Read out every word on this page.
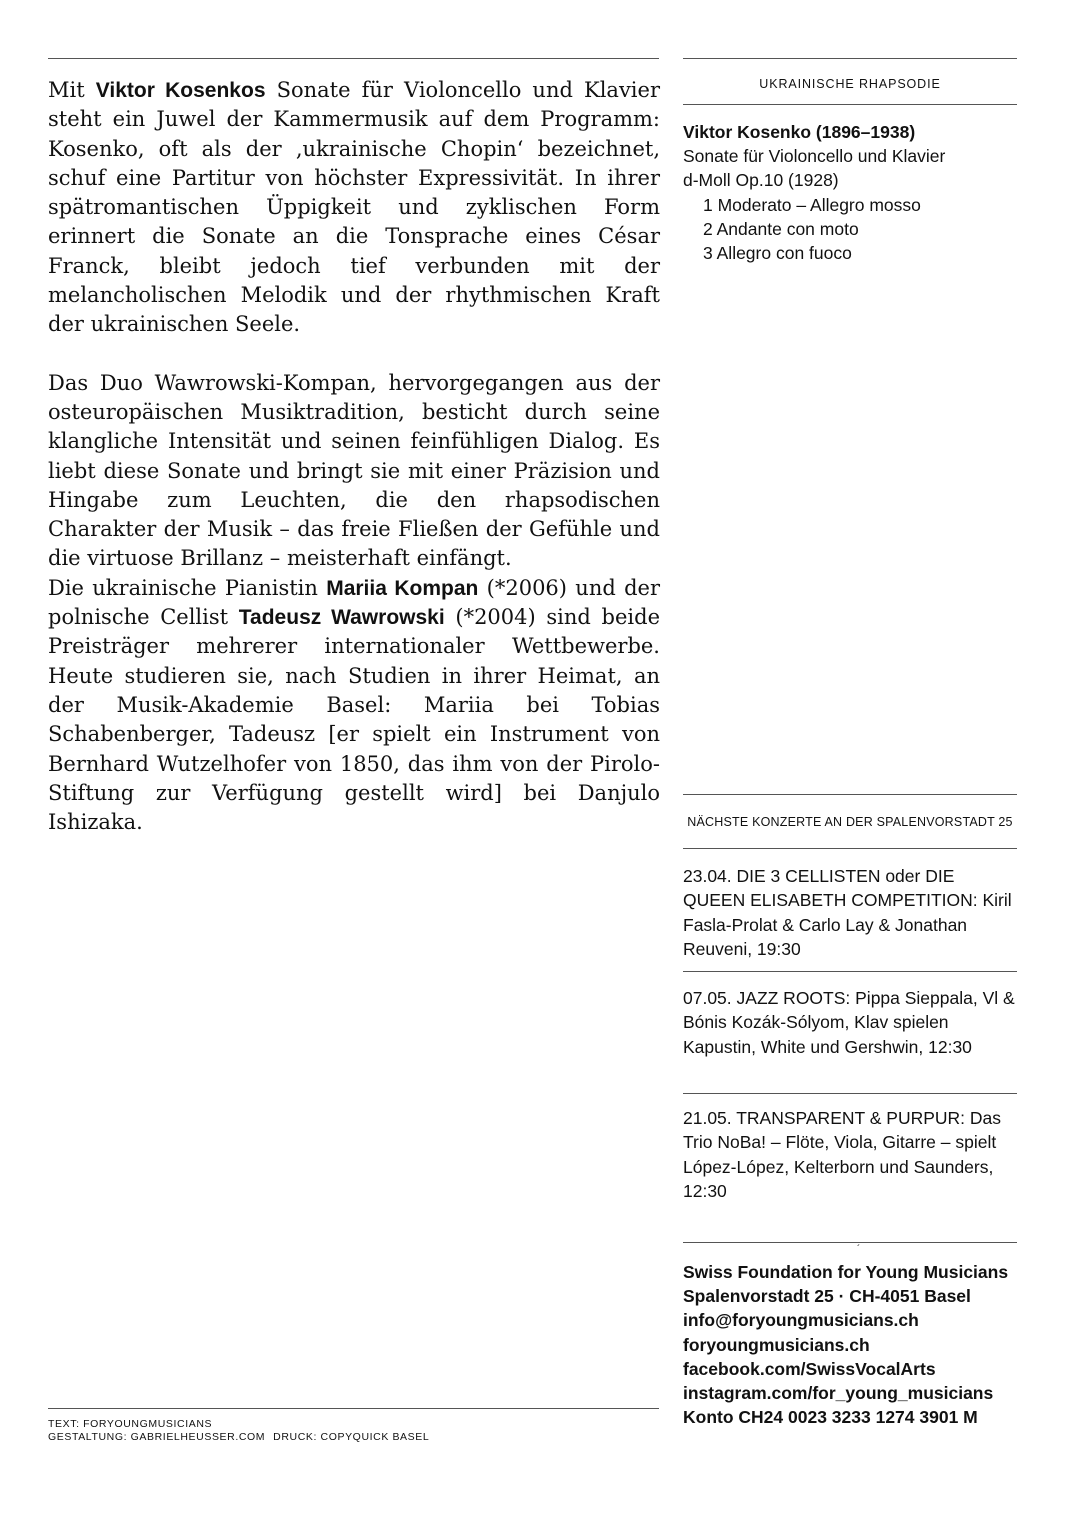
Mit Viktor Kosenkos Sonate für Violoncello und Klavier steht ein Juwel der Kammermusik auf dem Programm: Kosenko, oft als der ‚ukrainische Chopin‘ bezeichnet, schuf eine Partitur von höchster Expressivität. In ihrer spätromantischen Üppigkeit und zyklischen Form erinnert die Sonate an die Tonsprache eines César Franck, bleibt jedoch tief verbunden mit der melancholischen Melodik und der rhythmischen Kraft der ukrainischen Seele.

Das Duo Wawrowski-Kompan, hervorgegangen aus der osteuropäischen Musiktradition, besticht durch seine klangliche Intensität und seinen feinfühligen Dialog. Es liebt diese Sonate und bringt sie mit einer Präzision und Hingabe zum Leuchten, die den rhapsodischen Charakter der Musik – das freie Fließen der Gefühle und die virtuose Brillanz – meisterhaft einfängt.

Die ukrainische Pianistin Mariia Kompan (*2006) und der polnische Cellist Tadeusz Wawrowski (*2004) sind beide Preisträger mehrerer internationaler Wettbewerbe. Heute studieren sie, nach Studien in ihrer Heimat, an der Musik-Akademie Basel: Mariia bei Tobias Schabenberger, Tadeusz [er spielt ein Instrument von Bernhard Wutzelhofer von 1850, das ihm von der Pirolo-Stiftung zur Verfügung gestellt wird] bei Danjulo Ishizaka.

TEXT: FORYOUNGMUSICIANS
GESTALTUNG: GABRIELHEUSSER.COM DRUCK: COPYQUICK BASEL
UKRAINISCHE RHAPSODIE
Viktor Kosenko (1896–1938)
Sonate für Violoncello und Klavier
d-Moll Op.10 (1928)
1 Moderato – Allegro mosso
2 Andante con moto
3 Allegro con fuoco
NÄCHSTE KONZERTE AN DER SPALENVORSTADT 25
23.04. DIE 3 CELLISTEN oder DIE QUEEN ELISABETH COMPETITION: Kiril Fasla-Prolat & Carlo Lay & Jonathan Reuveni, 19:30
07.05. JAZZ ROOTS: Pippa Sieppala, Vl & Bónis Kozák-Sólyom, Klav spielen Kapustin, White und Gershwin, 12:30
21.05. TRANSPARENT & PURPUR: Das Trio NoBa! – Flöte, Viola, Gitarre – spielt López-López, Kelterborn und Saunders, 12:30
´
Swiss Foundation for Young Musicians
Spalenvorstadt 25 · CH-4051 Basel
info@foryoungmusicians.ch
foryoungmusicians.ch
facebook.com/SwissVocalArts
instagram.com/for_young_musicians
Konto CH24 0023 3233 1274 3901 M
